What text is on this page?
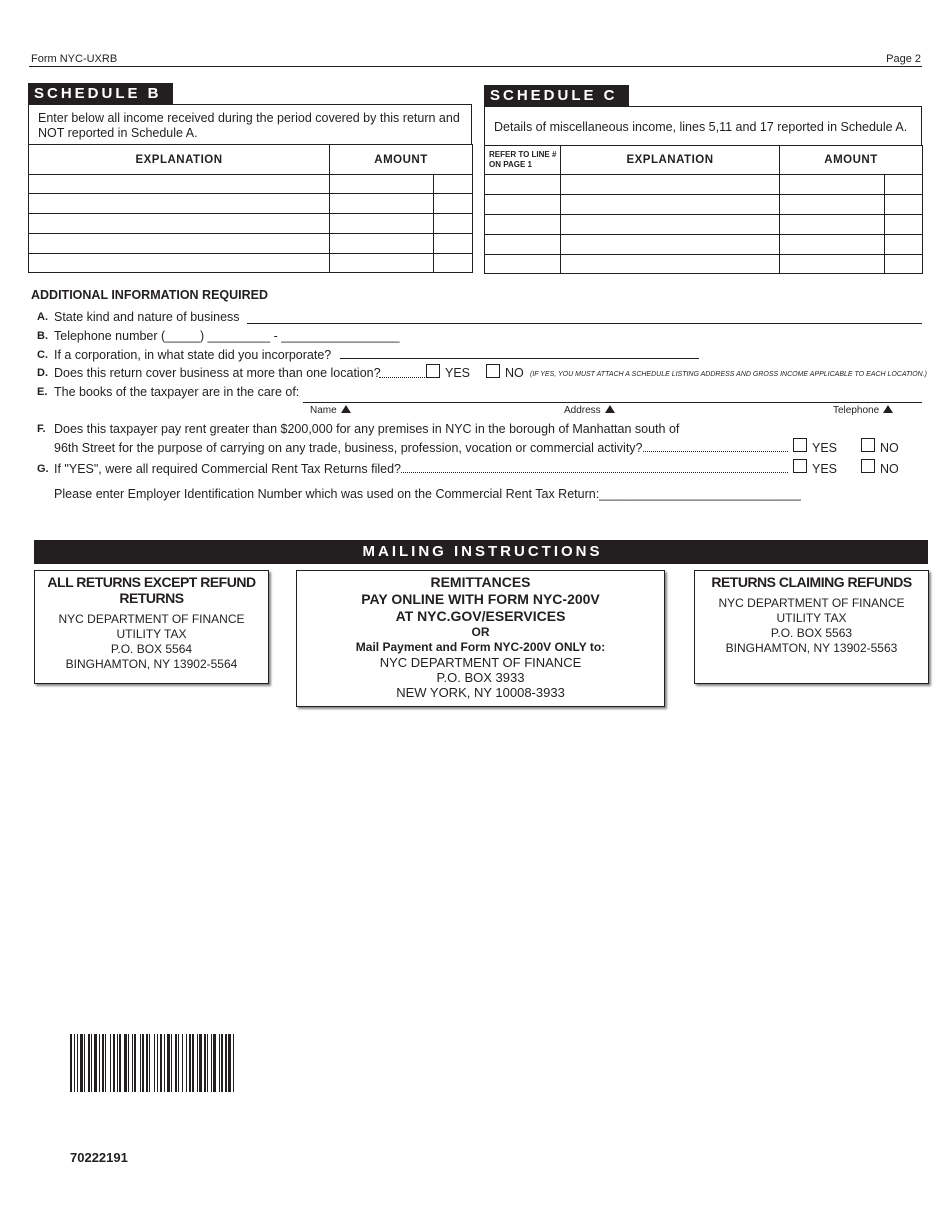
Form NYC-UXRB	Page 2
SCHEDULE B
Enter below all income received during the period covered by this return and NOT reported in Schedule A.
EXPLANATION	AMOUNT	

SCHEDULE C
Details of miscellaneous income, lines 5,11 and 17 reported in Schedule A.
REFER TO LINE # ON PAGE 1	EXPLANATION	AMOUNT	

ADDITIONAL INFORMATION REQUIRED
A. State kind and nature of business
B. Telephone number (_____) _________ - _________________
C. If a corporation, in what state did you incorporate?
D. Does this return cover business at more than one location?	YES	NO (IF YES, YOU MUST ATTACH A SCHEDULE LISTING ADDRESS AND GROSS INCOME APPLICABLE TO EACH LOCATION.)
E. The books of the taxpayer are in the care of:
Name	Address	Telephone
F. Does this taxpayer pay rent greater than $200,000 for any premises in NYC in the borough of Manhattan south of
96th Street for the purpose of carrying on any trade, business, profession, vocation or commercial activity?	YES	NO
G. If "YES", were all required Commercial Rent Tax Returns filed?	YES	NO
Please enter Employer Identification Number which was used on the Commercial Rent Tax Return:_____________________________
MAILING INSTRUCTIONS
ALL RETURNS EXCEPT REFUND RETURNS
NYC DEPARTMENT OF FINANCE
UTILITY TAX
P.O. BOX 5564
BINGHAMTON, NY 13902-5564
REMITTANCES
PAY ONLINE WITH FORM NYC-200V
AT NYC.GOV/ESERVICES
OR
Mail Payment and Form NYC-200V ONLY to:
NYC DEPARTMENT OF FINANCE
P.O. BOX 3933
NEW YORK, NY 10008-3933
RETURNS CLAIMING REFUNDS
NYC DEPARTMENT OF FINANCE
UTILITY TAX
P.O. BOX 5563
BINGHAMTON, NY 13902-5563
70222191
